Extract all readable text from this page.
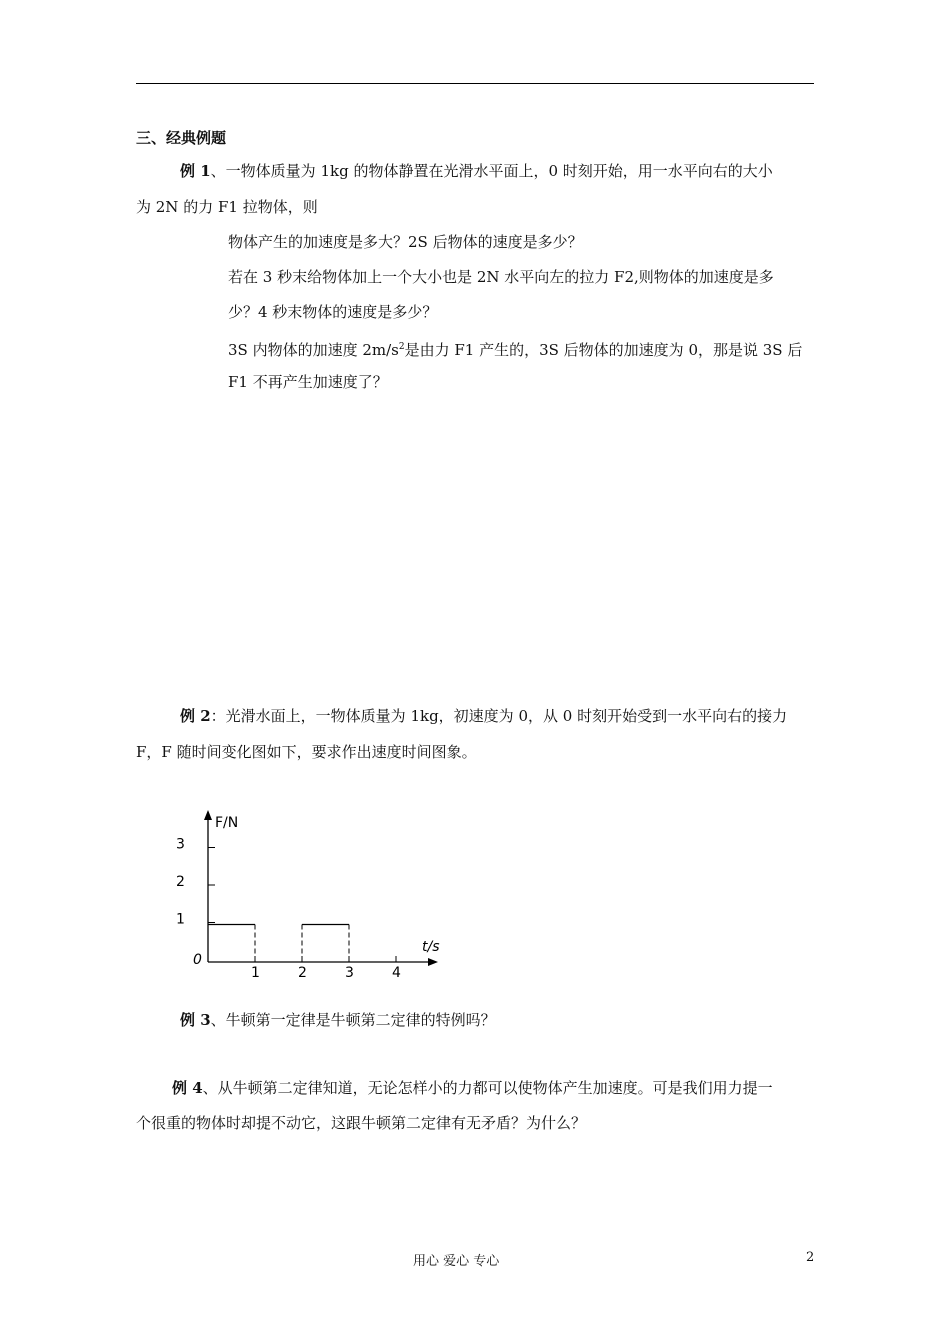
三、经典例题
例 1、一物体质量为 1kg 的物体静置在光滑水平面上，0 时刻开始，用一水平向右的大小
为 2N 的力 F1 拉物体，则
物体产生的加速度是多大？2S 后物体的速度是多少？
若在 3 秒末给物体加上一个大小也是 2N 水平向左的拉力 F2,则物体的加速度是多
少？4 秒末物体的速度是多少？
3S 内物体的加速度 $2m/s^2$是由力 F1 产生的，3S 后物体的加速度为 0，那是说 3S 后
F1 不再产生加速度了？
例 2：光滑水面上，一物体质量为 1kg，初速度为 0，从 0 时刻开始受到一水平向右的接力
F，F 随时间变化图如下，要求作出速度时间图象。
F/N
t/s
0
1
2
3
1	2	3	4
例 3、牛顿第一定律是牛顿第二定律的特例吗？
例 4、从牛顿第二定律知道，无论怎样小的力都可以使物体产生加速度。可是我们用力提一
个很重的物体时却提不动它，这跟牛顿第二定律有无矛盾？为什么？
用心 爱心 专心	2
